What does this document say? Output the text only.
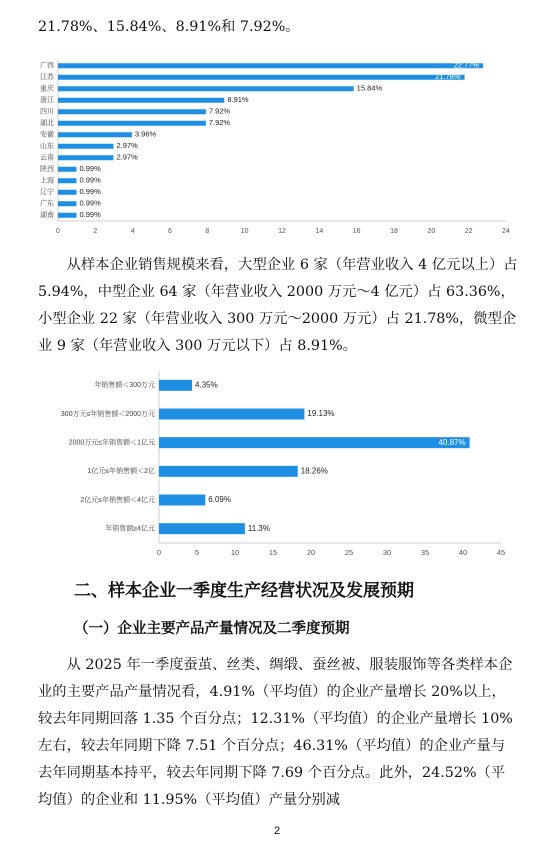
21.78%、15.84%、8.91%和 7.92%。

广西	22.77%
江苏	21.78%
重庆	15.84%
浙江	8.91%
四川	7.92%
湖北	7.92%
安徽	3.96%
山东	2.97%
云南	2.97%
陕西	0.99%
上海	0.99%
辽宁	0.99%
广东	0.99%
湖南	0.99%
0	2	4	6	8	10	12	14	16	18	20	22	24

从样本企业销售规模来看，大型企业 6 家（年营业收入 4 亿元以上）占 5.94%，中型企业 64 家（年营业收入 2000 万元～4 亿元）占 63.36%，小型企业 22 家（年营业收入 300 万元～2000 万元）占 21.78%，微型企业 9 家（年营业收入 300 万元以下）占 8.91%。

年销售额＜300万元	4.35%
300万元≤年销售额＜2000万元	19.13%
2000万元≤年销售额＜1亿元	40.87%
1亿元≤年销售额＜2亿	18.26%
2亿元≤年销售额＜4亿元	6.09%
年销售额≥4亿元	11.3%
0	5	10	15	20	25	30	35	40	45
二、样本企业一季度生产经营状况及发展预期
（一）企业主要产品产量情况及二季度预期

从 2025 年一季度蚕茧、丝类、绸缎、蚕丝被、服装服饰等各类样本企业的主要产品产量情况看，4.91%（平均值）的企业产量增长 20%以上，较去年同期回落 1.35 个百分点；12.31%（平均值）的企业产量增长 10%左右，较去年同期下降 7.51 个百分点；46.31%（平均值）的企业产量与去年同期基本持平，较去年同期下降 7.69 个百分点。此外，24.52%（平均值）的企业和 11.95%（平均值）产量分别减

2
